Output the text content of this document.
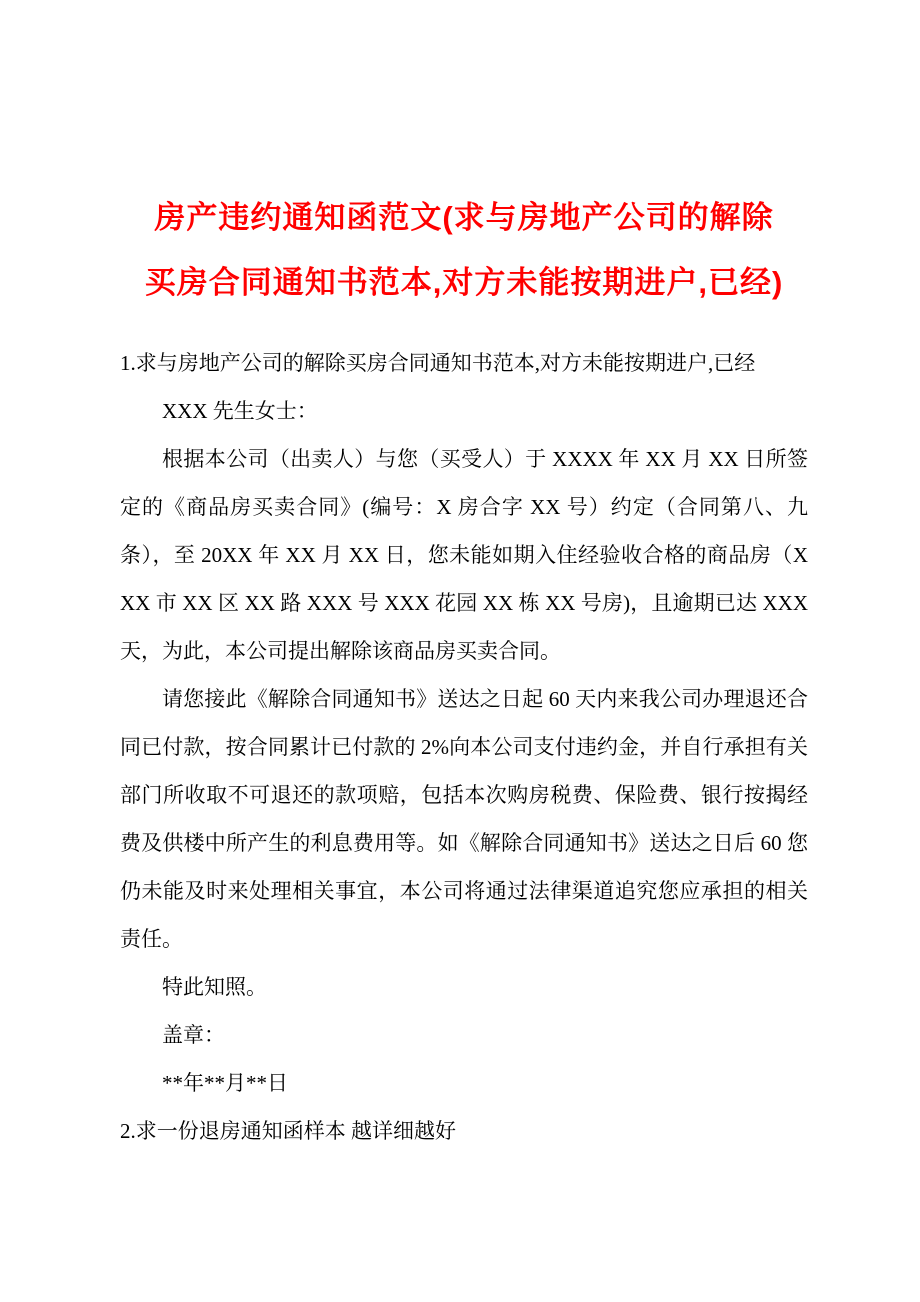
房产违约通知函范文(求与房地产公司的解除
买房合同通知书范本,对方未能按期进户,已经)

1.求与房地产公司的解除买房合同通知书范本,对方未能按期进户,已经

XXX 先生女士：

根据本公司（出卖人）与您（买受人）于 XXXX 年 XX 月 XX 日所签定的《商品房买卖合同》(编号：X 房合字 XX 号）约定（合同第八、九条），至 20XX 年 XX 月 XX 日，您未能如期入住经验收合格的商品房（XXX 市 XX 区 XX 路 XXX 号 XXX 花园 XX 栋 XX 号房)，且逾期已达 XXX 天，为此，本公司提出解除该商品房买卖合同。

请您接此《解除合同通知书》送达之日起 60 天内来我公司办理退还合同已付款，按合同累计已付款的 2%向本公司支付违约金，并自行承担有关部门所收取不可退还的款项赔，包括本次购房税费、保险费、银行按揭经费及供楼中所产生的利息费用等。如《解除合同通知书》送达之日后 60 您仍未能及时来处理相关事宜，本公司将通过法律渠道追究您应承担的相关责任。

特此知照。

盖章：

**年**月**日

2.求一份退房通知函样本 越详细越好
